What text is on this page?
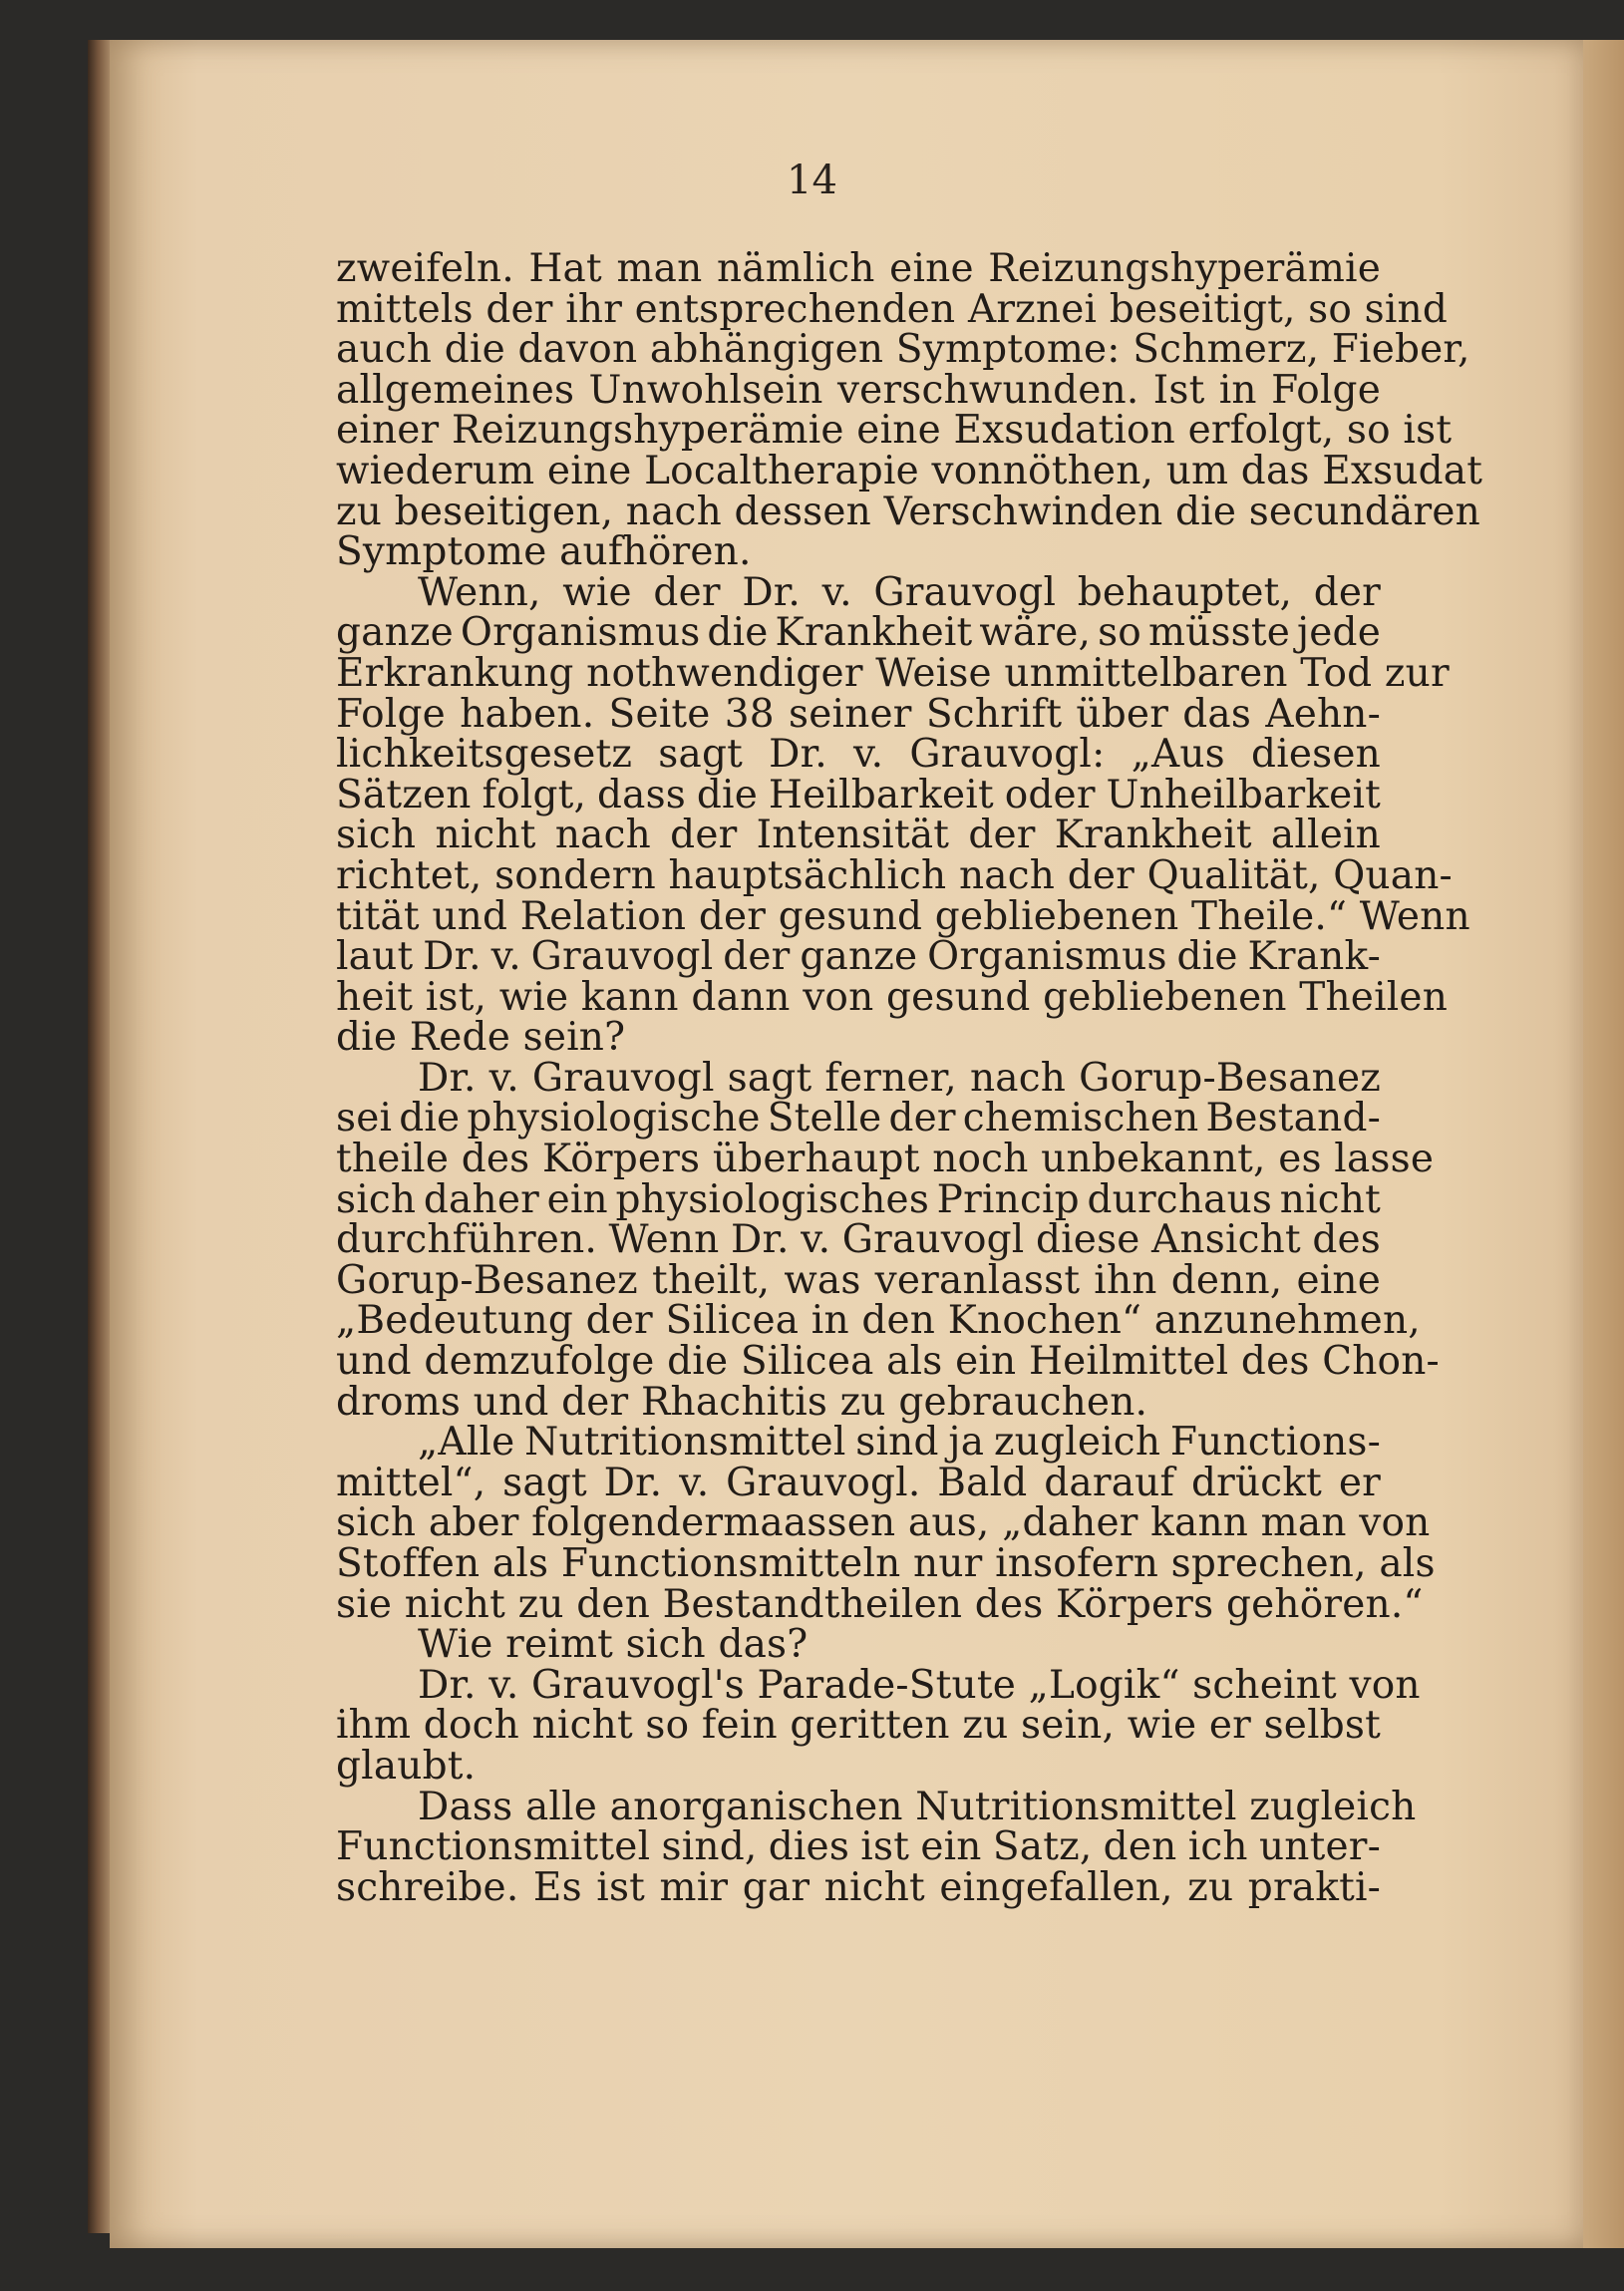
14
zweifeln. Hat man nämlich eine Reizungshyperämie
mittels der ihr entsprechenden Arznei beseitigt, so sind
auch die davon abhängigen Symptome: Schmerz, Fieber,
allgemeines Unwohlsein verschwunden. Ist in Folge
einer Reizungshyperämie eine Exsudation erfolgt, so ist
wiederum eine Localtherapie vonnöthen, um das Exsudat
zu beseitigen, nach dessen Verschwinden die secundären
Symptome aufhören.
Wenn, wie der Dr. v. Grauvogl behauptet, der
ganze Organismus die Krankheit wäre, so müsste jede
Erkrankung nothwendiger Weise unmittelbaren Tod zur
Folge haben. Seite 38 seiner Schrift über das Aehn-
lichkeitsgesetz sagt Dr. v. Grauvogl: „Aus diesen
Sätzen folgt, dass die Heilbarkeit oder Unheilbarkeit
sich nicht nach der Intensität der Krankheit allein
richtet, sondern hauptsächlich nach der Qualität, Quan-
tität und Relation der gesund gebliebenen Theile.“ Wenn
laut Dr. v. Grauvogl der ganze Organismus die Krank-
heit ist, wie kann dann von gesund gebliebenen Theilen
die Rede sein?
Dr. v. Grauvogl sagt ferner, nach Gorup-Besanez
sei die physiologische Stelle der chemischen Bestand-
theile des Körpers überhaupt noch unbekannt, es lasse
sich daher ein physiologisches Princip durchaus nicht
durchführen. Wenn Dr. v. Grauvogl diese Ansicht des
Gorup-Besanez theilt, was veranlasst ihn denn, eine
„Bedeutung der Silicea in den Knochen“ anzunehmen,
und demzufolge die Silicea als ein Heilmittel des Chon-
droms und der Rhachitis zu gebrauchen.
„Alle Nutritionsmittel sind ja zugleich Functions-
mittel“, sagt Dr. v. Grauvogl. Bald darauf drückt er
sich aber folgendermaassen aus, „daher kann man von
Stoffen als Functionsmitteln nur insofern sprechen, als
sie nicht zu den Bestandtheilen des Körpers gehören.“
Wie reimt sich das?
Dr. v. Grauvogl's Parade-Stute „Logik“ scheint von
ihm doch nicht so fein geritten zu sein, wie er selbst
glaubt.
Dass alle anorganischen Nutritionsmittel zugleich
Functionsmittel sind, dies ist ein Satz, den ich unter-
schreibe. Es ist mir gar nicht eingefallen, zu prakti-
